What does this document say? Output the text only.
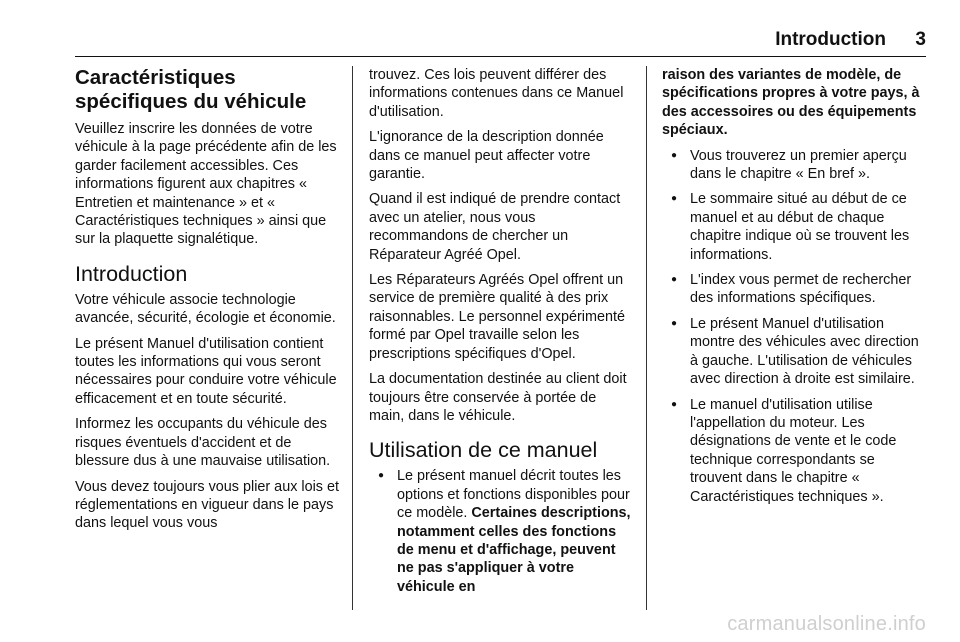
Introduction 3
Caractéristiques spécifiques du véhicule

Veuillez inscrire les données de votre véhicule à la page précédente afin de les garder facilement accessibles. Ces informations figurent aux chapitres « Entretien et maintenance » et « Caractéristiques techniques » ainsi que sur la plaquette signalétique.

Introduction

Votre véhicule associe technologie avancée, sécurité, écologie et économie.

Le présent Manuel d'utilisation contient toutes les informations qui vous seront nécessaires pour conduire votre véhicule efficacement et en toute sécurité.

Informez les occupants du véhicule des risques éventuels d'accident et de blessure dus à une mauvaise utilisation.

Vous devez toujours vous plier aux lois et réglementations en vigueur dans le pays dans lequel vous vous

trouvez. Ces lois peuvent différer des informations contenues dans ce Manuel d'utilisation.

L'ignorance de la description donnée dans ce manuel peut affecter votre garantie.

Quand il est indiqué de prendre contact avec un atelier, nous vous recommandons de chercher un Réparateur Agréé Opel.

Les Réparateurs Agréés Opel offrent un service de première qualité à des prix raisonnables. Le personnel expérimenté formé par Opel travaille selon les prescriptions spécifiques d'Opel.

La documentation destinée au client doit toujours être conservée à portée de main, dans le véhicule.

Utilisation de ce manuel
● Le présent manuel décrit toutes les options et fonctions disponibles pour ce modèle. Certaines descriptions, notamment celles des fonctions de menu et d'affichage, peuvent ne pas s'appliquer à votre véhicule en

raison des variantes de modèle, de spécifications propres à votre pays, à des accessoires ou des équipements spéciaux.

● Vous trouverez un premier aperçu dans le chapitre « En bref ».
● Le sommaire situé au début de ce manuel et au début de chaque chapitre indique où se trouvent les informations.
● L'index vous permet de rechercher des informations spécifiques.
● Le présent Manuel d'utilisation montre des véhicules avec direction à gauche. L'utilisation de véhicules avec direction à droite est similaire.
● Le manuel d'utilisation utilise l'appellation du moteur. Les désignations de vente et le code technique correspondants se trouvent dans le chapitre « Caractéristiques techniques ».
carmanualsonline.info
